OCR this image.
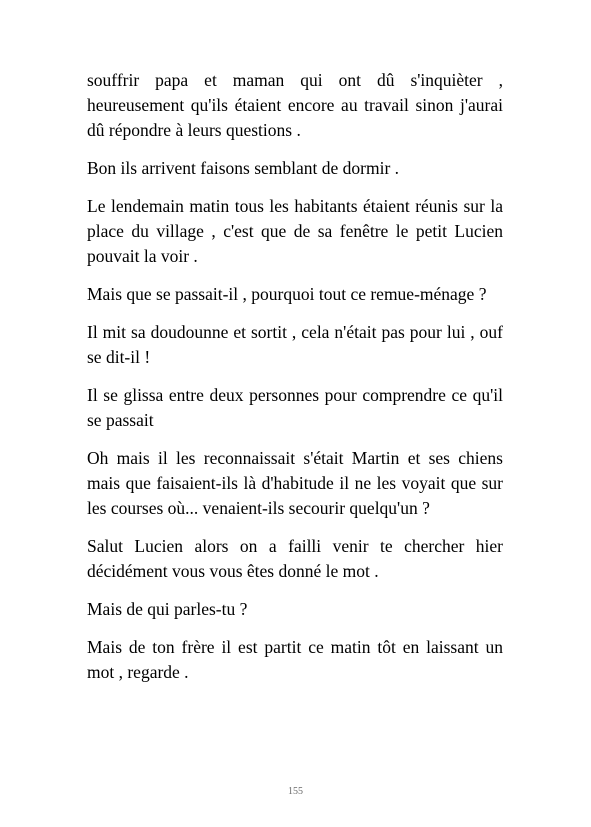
souffrir papa et maman qui ont dû s'inquièter , heureusement qu'ils étaient encore au travail sinon j'aurai dû répondre à leurs questions .

Bon ils arrivent faisons semblant de dormir .

Le lendemain matin tous les habitants étaient réunis sur la place du village , c'est que de sa fenêtre le petit Lucien pouvait la voir .

Mais que se passait-il , pourquoi tout ce remue-ménage ?

Il mit sa doudounne et sortit , cela n'était pas pour lui , ouf se dit-il !

Il se glissa entre deux personnes pour comprendre ce qu'il se passait

Oh mais il les reconnaissait s'était Martin et ses chiens mais que faisaient-ils là d'habitude il ne les voyait que sur les courses où... venaient-ils secourir quelqu'un ?

Salut Lucien alors on a failli venir te chercher hier décidément vous vous êtes donné le mot .

Mais de qui parles-tu ?

Mais de ton frère il est partit ce matin tôt en laissant un mot , regarde .

155
